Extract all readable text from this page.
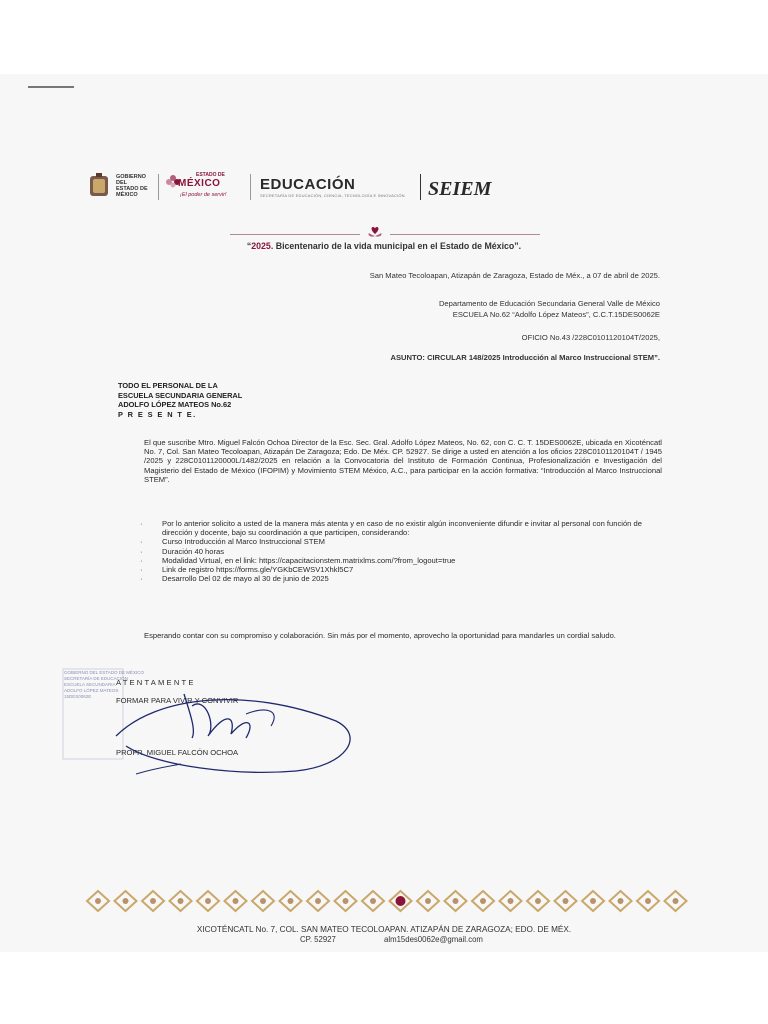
GOBIERNO DEL
ESTADO DE
MÉXICO
ESTADO DE
MÉXICO
¡El poder de servir!
EDUCACIÓN
SECRETARÍA DE EDUCACIÓN, CIENCIA, TECNOLOGÍA E INNOVACIÓN SEIEM
“2025. Bicentenario de la vida municipal en el Estado de México”.
San Mateo Tecoloapan, Atizapán de Zaragoza, Estado de Méx., a 07 de abril de 2025.
Departamento de Educación Secundaria General Valle de México
ESCUELA No.62 “Adolfo López Mateos”, C.C.T.15DES0062E
OFICIO No.43 /228C0101120104T/2025,
ASUNTO: CIRCULAR 148/2025 Introducción al Marco Instruccional STEM”.
TODO EL PERSONAL DE LA
ESCUELA SECUNDARIA GENERAL
ADOLFO LÓPEZ MATEOS No.62
P R E S E N T E.
El que suscribe Mtro. Miguel Falcón Ochoa Director de la Esc. Sec. Gral. Adolfo López Mateos, No. 62, con C. C. T. 15DES0062E, ubicada en Xicoténcatl No. 7, Col. San Mateo Tecoloapan, Atizapán De Zaragoza; Edo. De Méx. CP. 52927. Se dirige a usted en atención a los oficios 228C0101120104T / 1945 /2025 y 228C0101120000L/1482/2025 en relación a la Convocatoria del Instituto de Formación Continua, Profesionalización e Investigación del Magisterio del Estado de México (IFOPIM) y Movimiento STEM México, A.C., para participar en la acción formativa: “Introducción al Marco Instruccional STEM”.
·	Por lo anterior solicito a usted de la manera más atenta y en caso de no existir algún inconveniente difundir e invitar al personal con función de dirección y docente, bajo su coordinación a que participen, considerando:
·	Curso Introducción al Marco Instruccional STEM
·	Duración 40 horas
·	Modalidad Virtual, en el link: https://capacitacionstem.matrixlms.com/?from_logout=true
·	Link de registro https://forms.gle/YGKbCEWSV1Xhkl5C7
·	Desarrollo Del 02 de mayo al 30 de junio de 2025
Esperando contar con su compromiso y colaboración. Sin más por el momento, aprovecho la oportunidad para mandarles un cordial saludo.
GOBIERNO DEL ESTADO DE MÉXICO
SECRETARÍA DE EDUCACIÓN
ESCUELA SECUNDARIA
ADOLFO LÓPEZ MATEOS
15DES0062E
ATENTAMENTE
FORMAR PARA VIVIR Y CONVIVIR
PROFR. MIGUEL FALCÓN OCHOA
XICOTÉNCATL No. 7, COL. SAN MATEO TECOLOAPAN. ATIZAPÁN DE ZARAGOZA; EDO. DE MÉX.
CP. 52927	alm15des0062e@gmail.com
